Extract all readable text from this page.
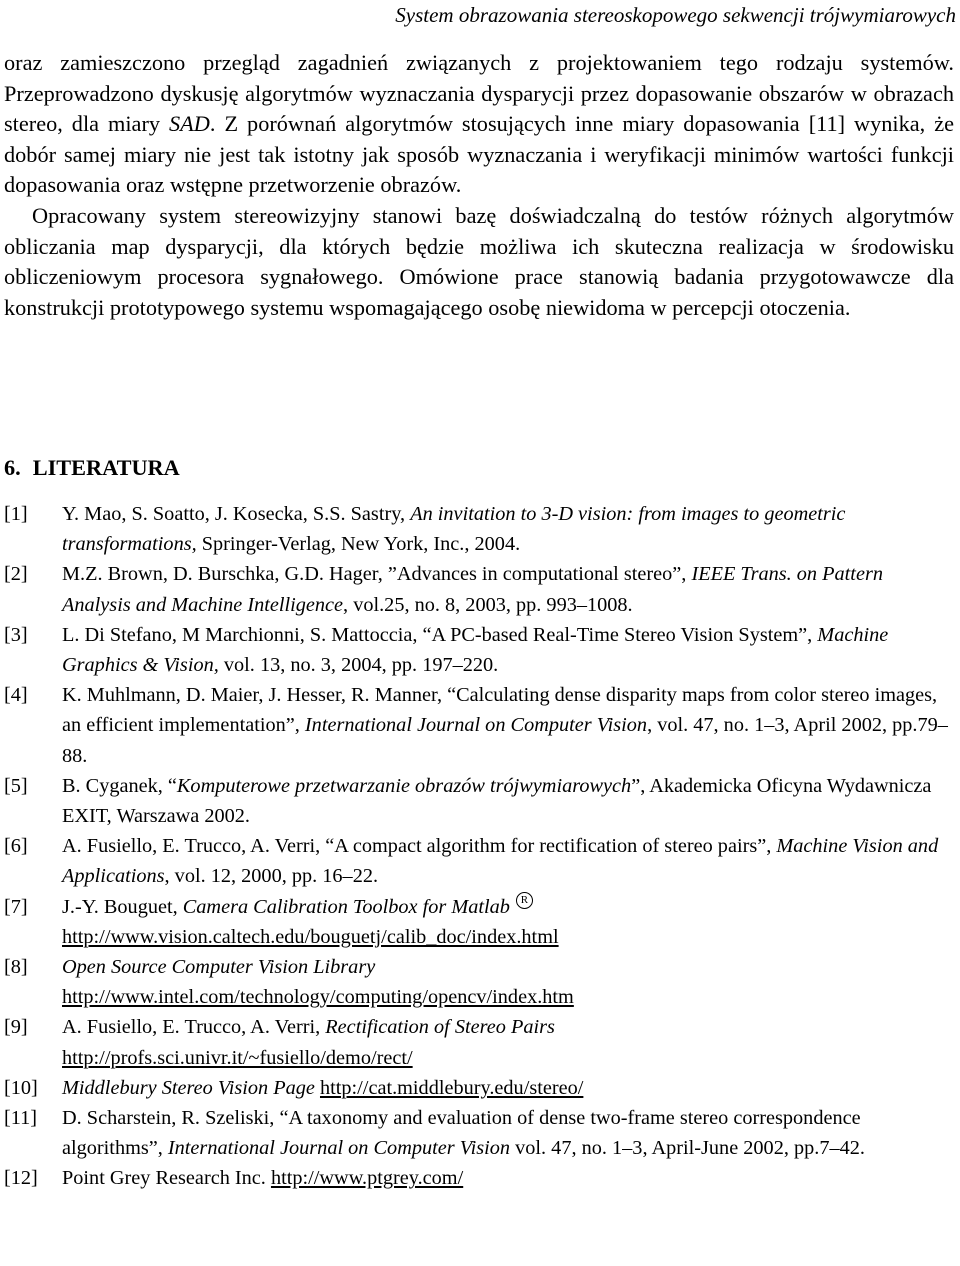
System obrazowania stereoskopowego sekwencji trójwymiarowych

oraz zamieszczono przegląd zagadnień związanych z projektowaniem tego rodzaju systemów. Przeprowadzono dyskusję algorytmów wyznaczania dysparycji przez dopasowanie obszarów w obrazach stereo, dla miary SAD. Z porównań algorytmów stosujących inne miary dopasowania [11] wynika, że dobór samej miary nie jest tak istotny jak sposób wyznaczania i weryfikacji minimów wartości funkcji dopasowania oraz wstępne przetworzenie obrazów.

Opracowany system stereowizyjny stanowi bazę doświadczalną do testów różnych algorytmów obliczania map dysparycji, dla których będzie możliwa ich skuteczna realizacja w środowisku obliczeniowym procesora sygnałowego. Omówione prace stanowią badania przygotowawcze dla konstrukcji prototypowego systemu wspomagającego osobę niewidoma w percepcji otoczenia.

6. LITERATURA
[1]	Y. Mao, S. Soatto, J. Kosecka, S.S. Sastry, An invitation to 3-D vision: from images to geometric transformations, Springer-Verlag, New York, Inc., 2004.
[2]	M.Z. Brown, D. Burschka, G.D. Hager, ”Advances in computational stereo”, IEEE Trans. on Pattern Analysis and Machine Intelligence, vol.25, no. 8, 2003, pp. 993–1008.
[3]	L. Di Stefano, M Marchionni, S. Mattoccia, “A PC-based Real-Time Stereo Vision System”, Machine Graphics & Vision, vol. 13, no. 3, 2004, pp. 197–220.
[4]	K. Muhlmann, D. Maier, J. Hesser, R. Manner, “Calculating dense disparity maps from color stereo images, an efficient implementation”, International Journal on Computer Vision, vol. 47, no. 1–3, April 2002, pp.79–88.
[5]	B. Cyganek, “Komputerowe przetwarzanie obrazów trójwymiarowych”, Akademicka Oficyna Wydawnicza EXIT, Warszawa 2002.
[6]	A. Fusiello, E. Trucco, A. Verri, “A compact algorithm for rectification of stereo pairs”, Machine Vision and Applications, vol. 12, 2000, pp. 16–22.
[7]	J.-Y. Bouguet, Camera Calibration Toolbox for Matlab R
http://www.vision.caltech.edu/bouguetj/calib_doc/index.html
[8]	Open Source Computer Vision Library
http://www.intel.com/technology/computing/opencv/index.htm
[9]	A. Fusiello, E. Trucco, A. Verri, Rectification of Stereo Pairs
http://profs.sci.univr.it/~fusiello/demo/rect/
[10]	Middlebury Stereo Vision Page http://cat.middlebury.edu/stereo/
[11]	D. Scharstein, R. Szeliski, “A taxonomy and evaluation of dense two-frame stereo correspondence algorithms”, International Journal on Computer Vision vol. 47, no. 1–3, April-June 2002, pp.7–42.
[12]	Point Grey Research Inc. http://www.ptgrey.com/
